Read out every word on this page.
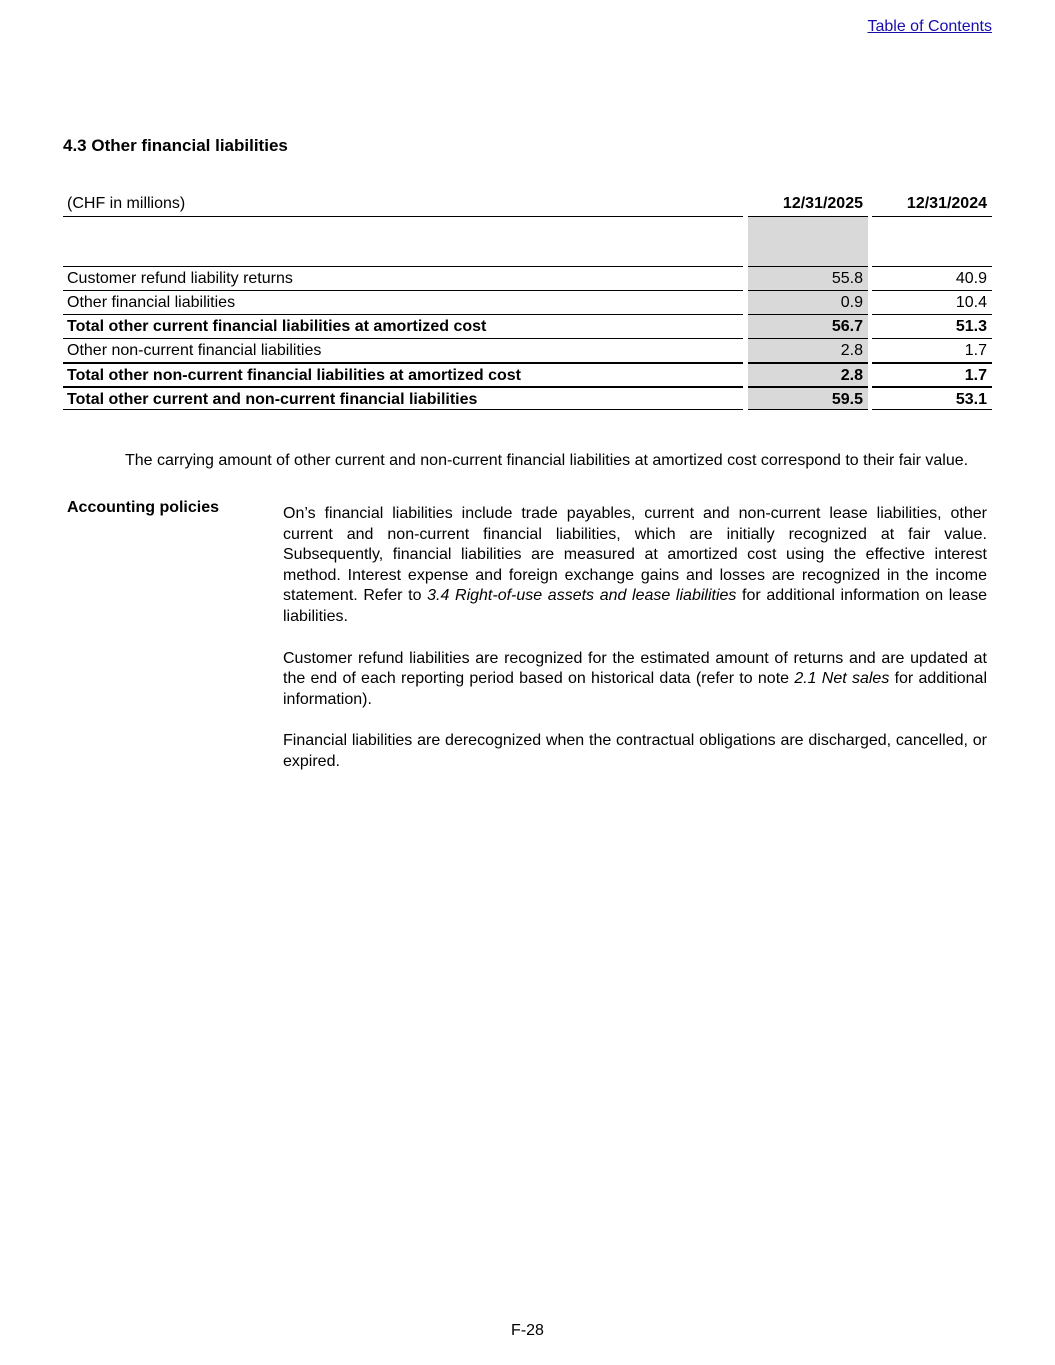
Table of Contents
4.3 Other financial liabilities
(CHF in millions)	12/31/2025	12/31/2024
Customer refund liability returns	55.8	40.9
Other financial liabilities	0.9	10.4
Total other current financial liabilities at amortized cost	56.7	51.3
Other non-current financial liabilities	2.8	1.7
Total other non-current financial liabilities at amortized cost	2.8	1.7
Total other current and non-current financial liabilities	59.5	53.1

The carrying amount of other current and non-current financial liabilities at amortized cost correspond to their fair value.

Accounting policies	On’s financial liabilities include trade payables, current and non-current lease liabilities, other current and non-current financial liabilities, which are initially recognized at fair value. Subsequently, financial liabilities are measured at amortized cost using the effective interest method. Interest expense and foreign exchange gains and losses are recognized in the income statement. Refer to 3.4 Right-of-use assets and lease liabilities for additional information on lease liabilities.

Customer refund liabilities are recognized for the estimated amount of returns and are updated at the end of each reporting period based on historical data (refer to note 2.1 Net sales for additional information).

Financial liabilities are derecognized when the contractual obligations are discharged, cancelled, or expired.

F-28
